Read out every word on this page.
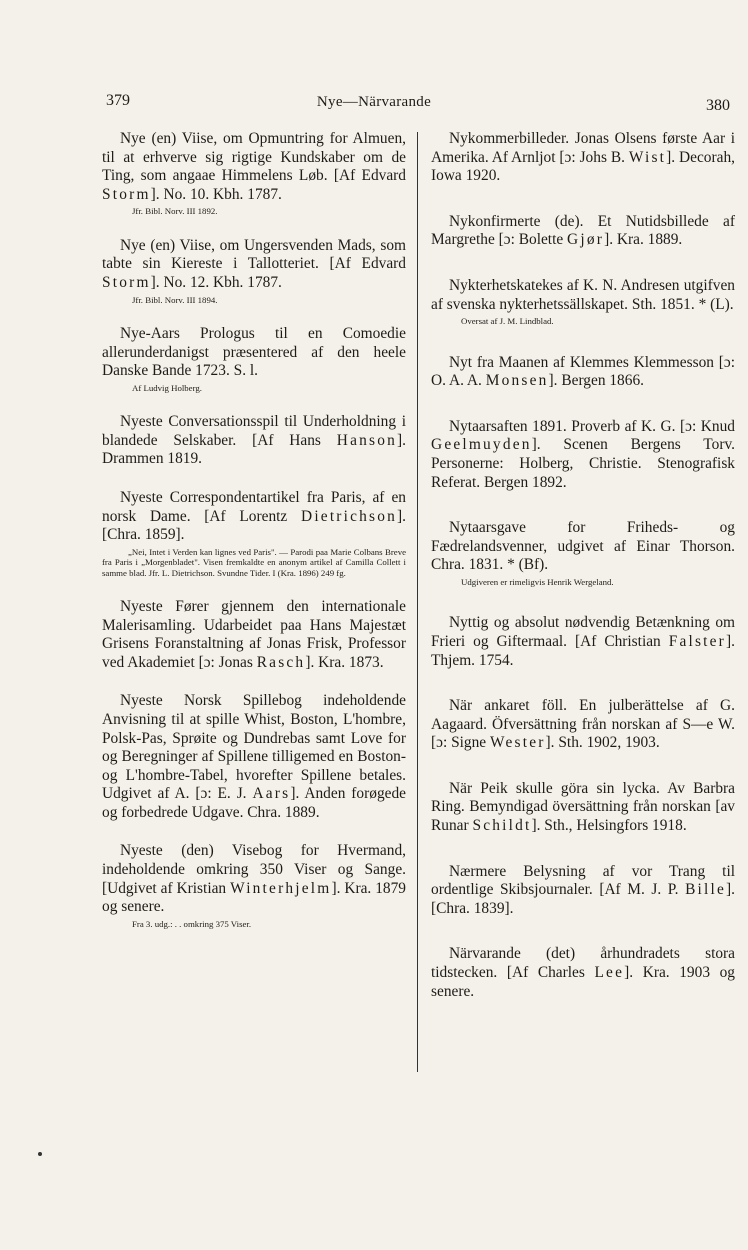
379	Nye—Närvarande	380

Nye (en) Viise, om Opmuntring for Almuen, til at erhverve sig rigtige Kundskaber om de Ting, som angaae Himmelens Løb. [Af Edvard Storm]. No. 10. Kbh. 1787.
Jfr. Bibl. Norv. III 1892.

Nye (en) Viise, om Ungersvenden Mads, som tabte sin Kiereste i Tallotteriet. [Af Edvard Storm]. No. 12. Kbh. 1787.
Jfr. Bibl. Norv. III 1894.

Nye-Aars Prologus til en Comoedie allerunderdanigst præsentered af den heele Danske Bande 1723. S. l.
Af Ludvig Holberg.

Nyeste Conversationsspil til Underholdning i blandede Selskaber. [Af Hans Hanson]. Drammen 1819.

Nyeste Correspondentartikel fra Paris, af en norsk Dame. [Af Lorentz Dietrichson]. [Chra. 1859].
„Nei, Intet i Verden kan lignes ved Paris". — Parodi paa Marie Colbans Breve fra Paris i „Morgenbladet". Visen fremkaldte en anonym artikel af Camilla Collett i samme blad. Jfr. L. Dietrichson. Svundne Tider. I (Kra. 1896) 249 fg.

Nyeste Fører gjennem den internationale Malerisamling. Udarbeidet paa Hans Majestæt Grisens Foranstaltning af Jonas Frisk, Professor ved Akademiet [ɔ: Jonas Rasch]. Kra. 1873.

Nyeste Norsk Spillebog indeholdende Anvisning til at spille Whist, Boston, L'hombre, Polsk-Pas, Sprøite og Dundrebas samt Love for og Beregninger af Spillene tilligemed en Boston- og L'hombre-Tabel, hvorefter Spillene betales. Udgivet af A. [ɔ: E. J. Aars]. Anden forøgede og forbedrede Udgave. Chra. 1889.

Nyeste (den) Visebog for Hvermand, indeholdende omkring 350 Viser og Sange. [Udgivet af Kristian Winterhjelm]. Kra. 1879 og senere.
Fra 3. udg.: . . omkring 375 Viser.

Nykommerbilleder. Jonas Olsens første Aar i Amerika. Af Arnljot [ɔ: Johs B. Wist]. Decorah, Iowa 1920.

Nykonfirmerte (de). Et Nutidsbillede af Margrethe [ɔ: Bolette Gjør]. Kra. 1889.

Nykterhetskatekes af K. N. Andresen utgifven af svenska nykterhetssällskapet. Sth. 1851. * (L).
Oversat af J. M. Lindblad.

Nyt fra Maanen af Klemmes Klemmesson [ɔ: O. A. A. Monsen]. Bergen 1866.

Nytaarsaften 1891. Proverb af K. G. [ɔ: Knud Geelmuyden]. Scenen Bergens Torv. Personerne: Holberg, Christie. Stenografisk Referat. Bergen 1892.

Nytaarsgave for Friheds- og Fædrelandsvenner, udgivet af Einar Thorson. Chra. 1831. * (Bf).
Udgiveren er rimeligvis Henrik Wergeland.

Nyttig og absolut nødvendig Betænkning om Frieri og Giftermaal. [Af Christian Falster]. Thjem. 1754.

När ankaret föll. En julberättelse af G. Aagaard. Öfversättning från norskan af S—e W. [ɔ: Signe Wester]. Sth. 1902, 1903.

När Peik skulle göra sin lycka. Av Barbra Ring. Bemyndigad översättning från norskan [av Runar Schildt]. Sth., Helsingfors 1918.

Nærmere Belysning af vor Trang til ordentlige Skibsjournaler. [Af M. J. P. Bille]. [Chra. 1839].

Närvarande (det) århundradets stora tidstecken. [Af Charles Lee]. Kra. 1903 og senere.
